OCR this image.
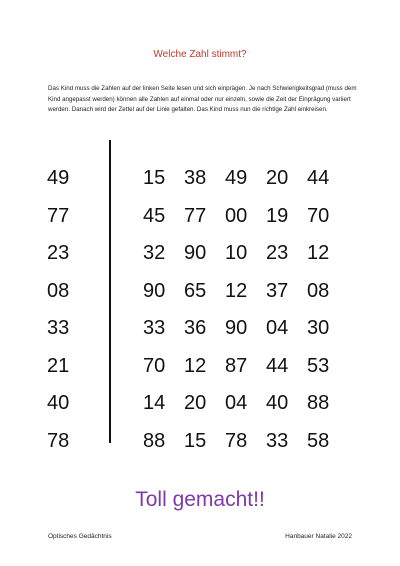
Welche Zahl stimmt?
Das Kind muss die Zahlen auf der linken Seite lesen und sich einprägen. Je nach Schwierigkeitsgrad (muss dem Kind angepasst werden) können alle Zahlen auf einmal oder nur einzeln, sowie die Zeit der Einprägung variiert werden. Danach wird der Zettel auf der Linie gefalten. Das Kind muss nun die richtige Zahl einkreisen.
49
77
23
08
33
21
40
78
15 38 49 20 44
45 77 00 19 70
32 90 10 23 12
90 65 12 37 08
33 36 90 04 30
70 12 87 44 53
14 20 04 40 88
88 15 78 33 58
Toll gemacht!!
Optisches Gedächtnis	Hanbauer Natalie 2022
